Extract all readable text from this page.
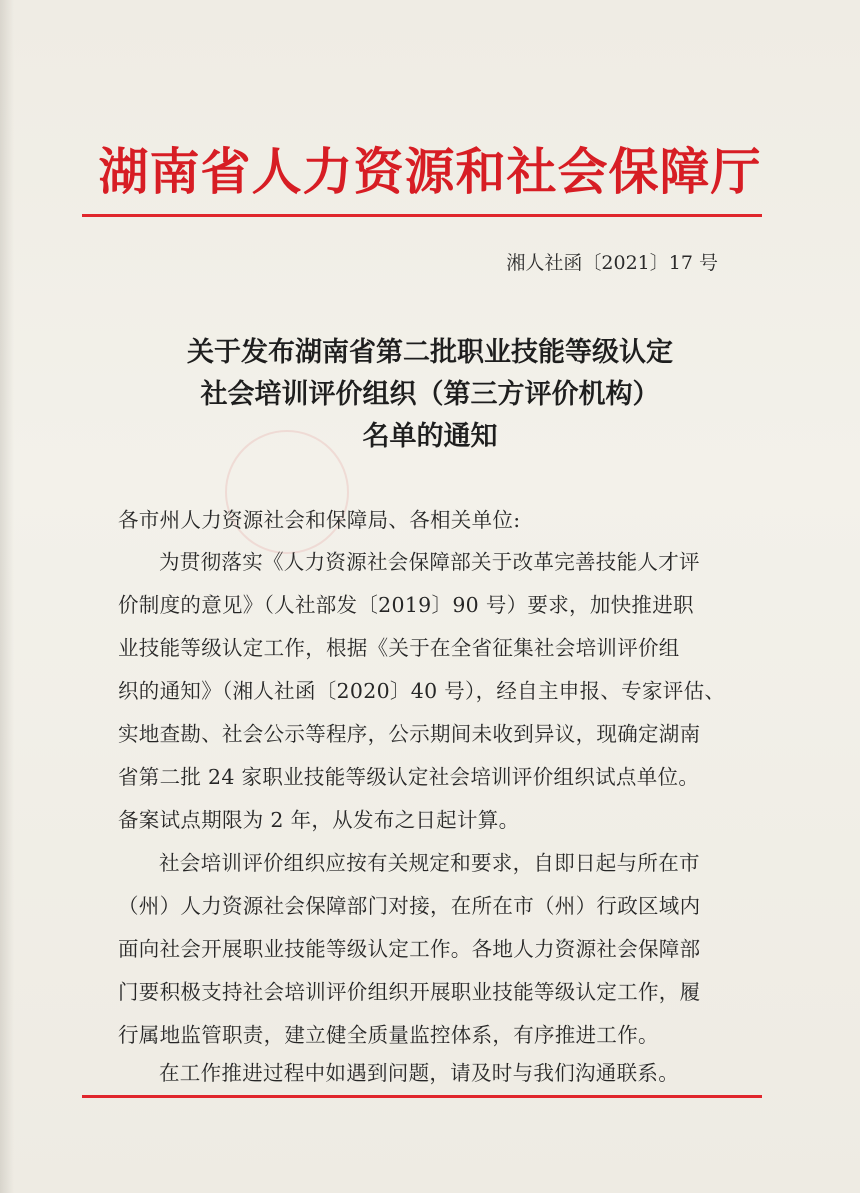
湖南省人力资源和社会保障厅
湘人社函〔2021〕17 号
关于发布湖南省第二批职业技能等级认定
社会培训评价组织（第三方评价机构）
名单的通知
各市州人力资源社会和保障局、各相关单位:
为贯彻落实《人力资源社会保障部关于改革完善技能人才评
价制度的意见》（人社部发〔2019〕90 号）要求，加快推进职
业技能等级认定工作，根据《关于在全省征集社会培训评价组
织的通知》（湘人社函〔2020〕40 号），经自主申报、专家评估、
实地查勘、社会公示等程序，公示期间未收到异议，现确定湖南
省第二批 24 家职业技能等级认定社会培训评价组织试点单位。
备案试点期限为 2 年，从发布之日起计算。
社会培训评价组织应按有关规定和要求，自即日起与所在市
（州）人力资源社会保障部门对接，在所在市（州）行政区域内
面向社会开展职业技能等级认定工作。各地人力资源社会保障部
门要积极支持社会培训评价组织开展职业技能等级认定工作，履
行属地监管职责，建立健全质量监控体系，有序推进工作。
在工作推进过程中如遇到问题，请及时与我们沟通联系。
